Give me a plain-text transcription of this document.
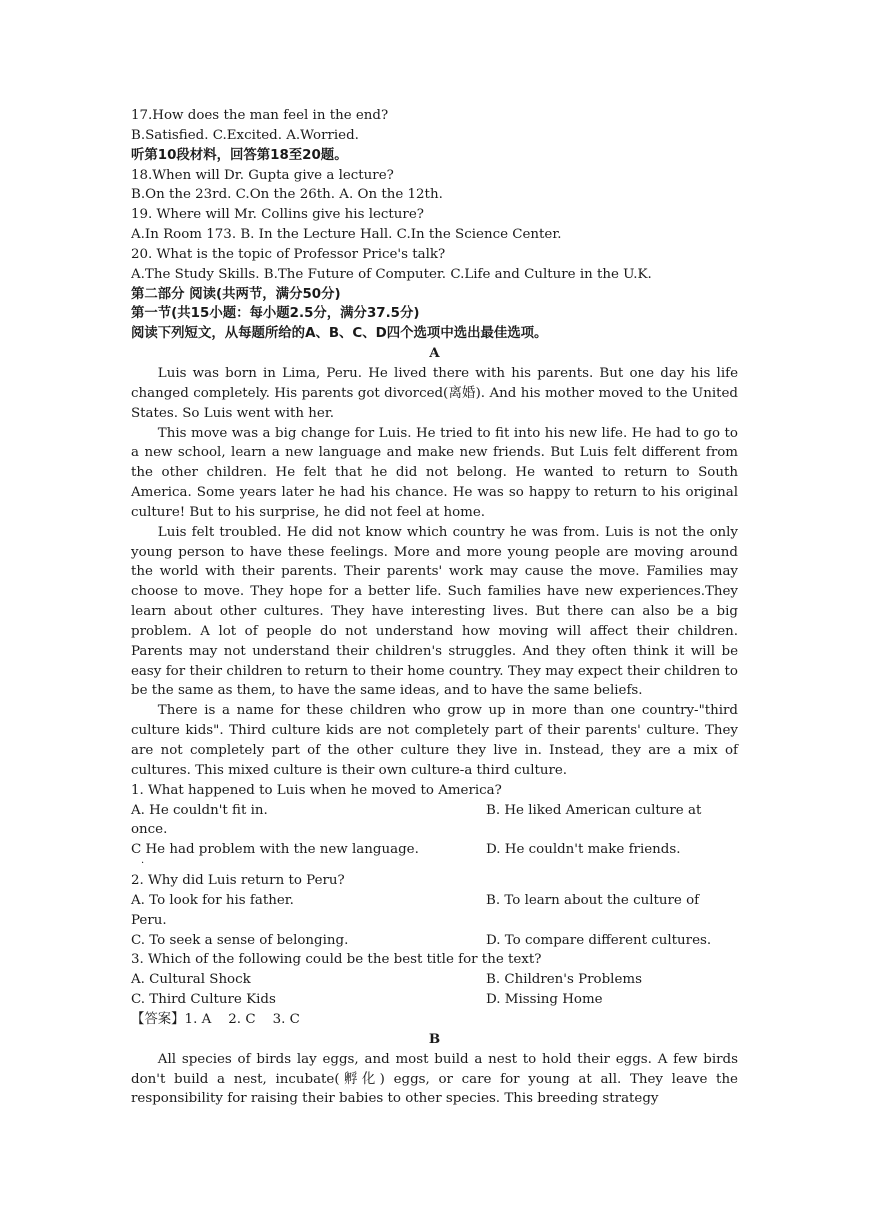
17.How does the man feel in the end?
B.Satisfied. C.Excited. A.Worried.
听第10段材料，回答第18至20题。
18.When will Dr. Gupta give a lecture?
B.On the 23rd. C.On the 26th. A. On the 12th.
19. Where will Mr. Collins give his lecture?
A.In Room 173. B. In the Lecture Hall. C.In the Science Center.
20. What is the topic of Professor Price's talk?
A.The Study Skills. B.The Future of Computer. C.Life and Culture in the U.K.
第二部分 阅读(共两节，满分50分)
第一节(共15小题：每小题2.5分，满分37.5分)
阅读下列短文，从每题所给的A、B、C、D四个选项中选出最佳选项。
A
Luis was born in Lima, Peru. He lived there with his parents. But one day his life changed completely. His parents got divorced(离婚). And his mother moved to the United States. So Luis went with her.
This move was a big change for Luis. He tried to fit into his new life. He had to go to a new school, learn a new language and make new friends. But Luis felt different from the other children. He felt that he did not belong. He wanted to return to South America. Some years later he had his chance. He was so happy to return to his original culture! But to his surprise, he did not feel at home.
Luis felt troubled. He did not know which country he was from. Luis is not the only young person to have these feelings. More and more young people are moving around the world with their parents. Their parents' work may cause the move. Families may choose to move. They hope for a better life. Such families have new experiences.They learn about other cultures. They have interesting lives. But there can also be a big problem. A lot of people do not understand how moving will affect their children. Parents may not understand their children's struggles. And they often think it will be easy for their children to return to their home country. They may expect their children to be the same as them, to have the same ideas, and to have the same beliefs.
There is a name for these children who grow up in more than one country-"third culture kids". Third culture kids are not completely part of their parents' culture. They are not completely part of the other culture they live in. Instead, they are a mix of cultures. This mixed culture is their own culture-a third culture.
1. What happened to Luis when he moved to America?
A. He couldn't fit in.	B. He liked American culture at
once.
C He had problem with the new language.	D. He couldn't make friends.
·
2. Why did Luis return to Peru?
A. To look for his father.	B. To learn about the culture of
Peru.
C. To seek a sense of belonging.	D. To compare different cultures.
3. Which of the following could be the best title for the text?
A. Cultural Shock	B. Children's Problems
C. Third Culture Kids	D. Missing Home
【答案】1. A    2. C    3. C
B
All species of birds lay eggs, and most build a nest to hold their eggs. A few birds don't build a nest, incubate(孵化) eggs, or care for young at all. They leave the responsibility for raising their babies to other species. This breeding strategy
